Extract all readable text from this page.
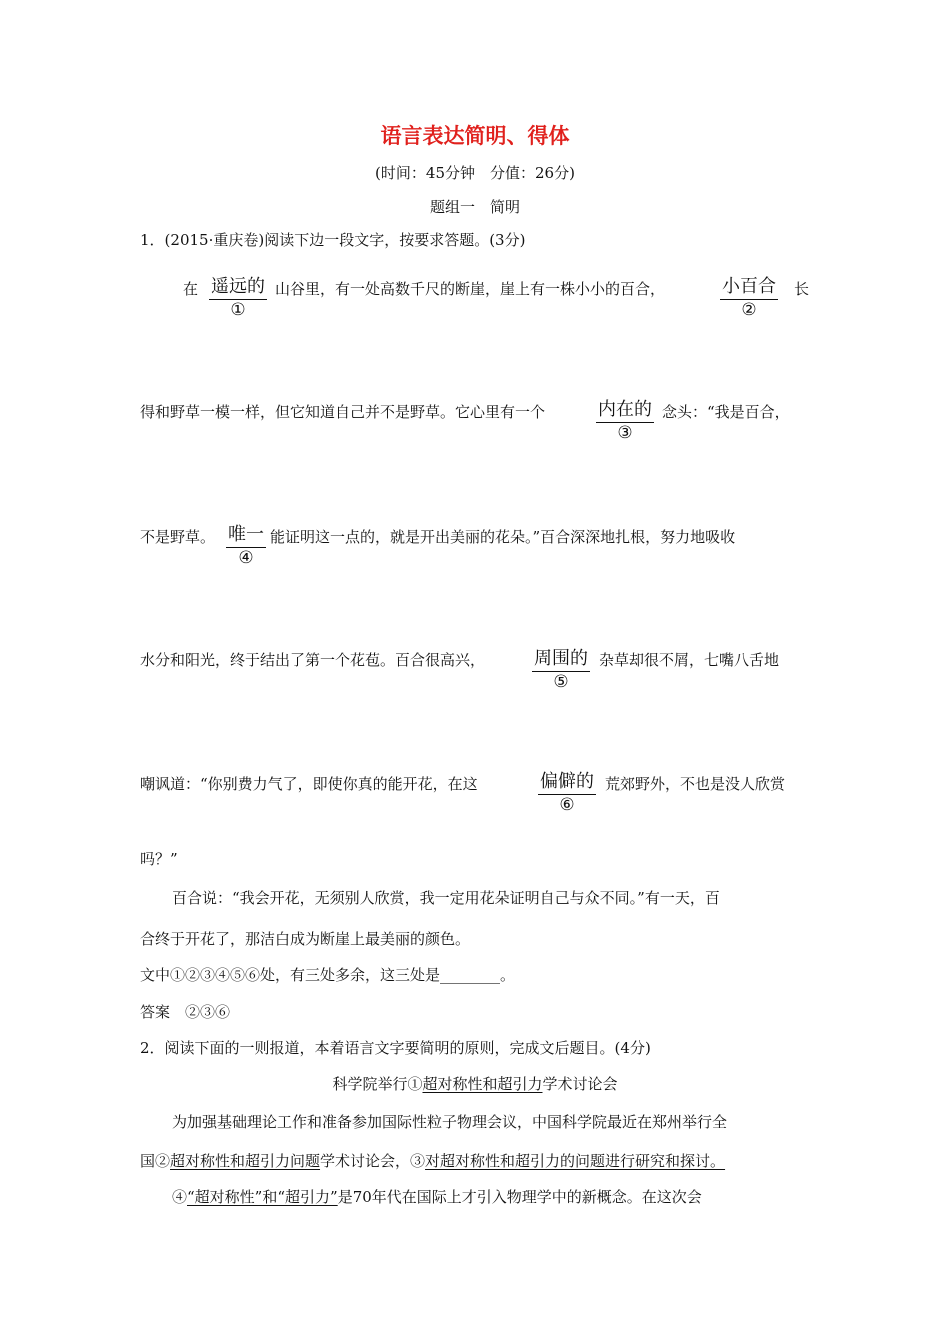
语言表达简明、得体
(时间：45分钟　分值：26分)
题组一　简明
1．(2015·重庆卷)阅读下边一段文字，按要求答题。(3分)
在 遥远的
①
山谷里，有一处高数千尺的断崖，崖上有一株小小的百合，	小百合
②
长
得和野草一模一样，但它知道自己并不是野草。它心里有一个	内在的
③
念头：“我是百合，
不是野草。 唯一
④
能证明这一点的，就是开出美丽的花朵。”百合深深地扎根，努力地吸收
水分和阳光，终于结出了第一个花苞。百合很高兴，	周围的
⑤
杂草却很不屑，七嘴八舌地
嘲讽道：“你别费力气了，即使你真的能开花，在这	偏僻的
⑥
荒郊野外，不也是没人欣赏
吗？”
百合说：“我会开花，无须别人欣赏，我一定用花朵证明自己与众不同。”有一天，百
合终于开花了，那洁白成为断崖上最美丽的颜色。
文中①②③④⑤⑥处，有三处多余，这三处是________。
答案　②③⑥
2．阅读下面的一则报道，本着语言文字要简明的原则，完成文后题目。(4分)
科学院举行①超对称性和超引力学术讨论会
为加强基础理论工作和准备参加国际性粒子物理会议，中国科学院最近在郑州举行全
国②超对称性和超引力问题学术讨论会，③对超对称性和超引力的问题进行研究和探讨。
④“超对称性”和“超引力”是70年代在国际上才引入物理学中的新概念。在这次会
